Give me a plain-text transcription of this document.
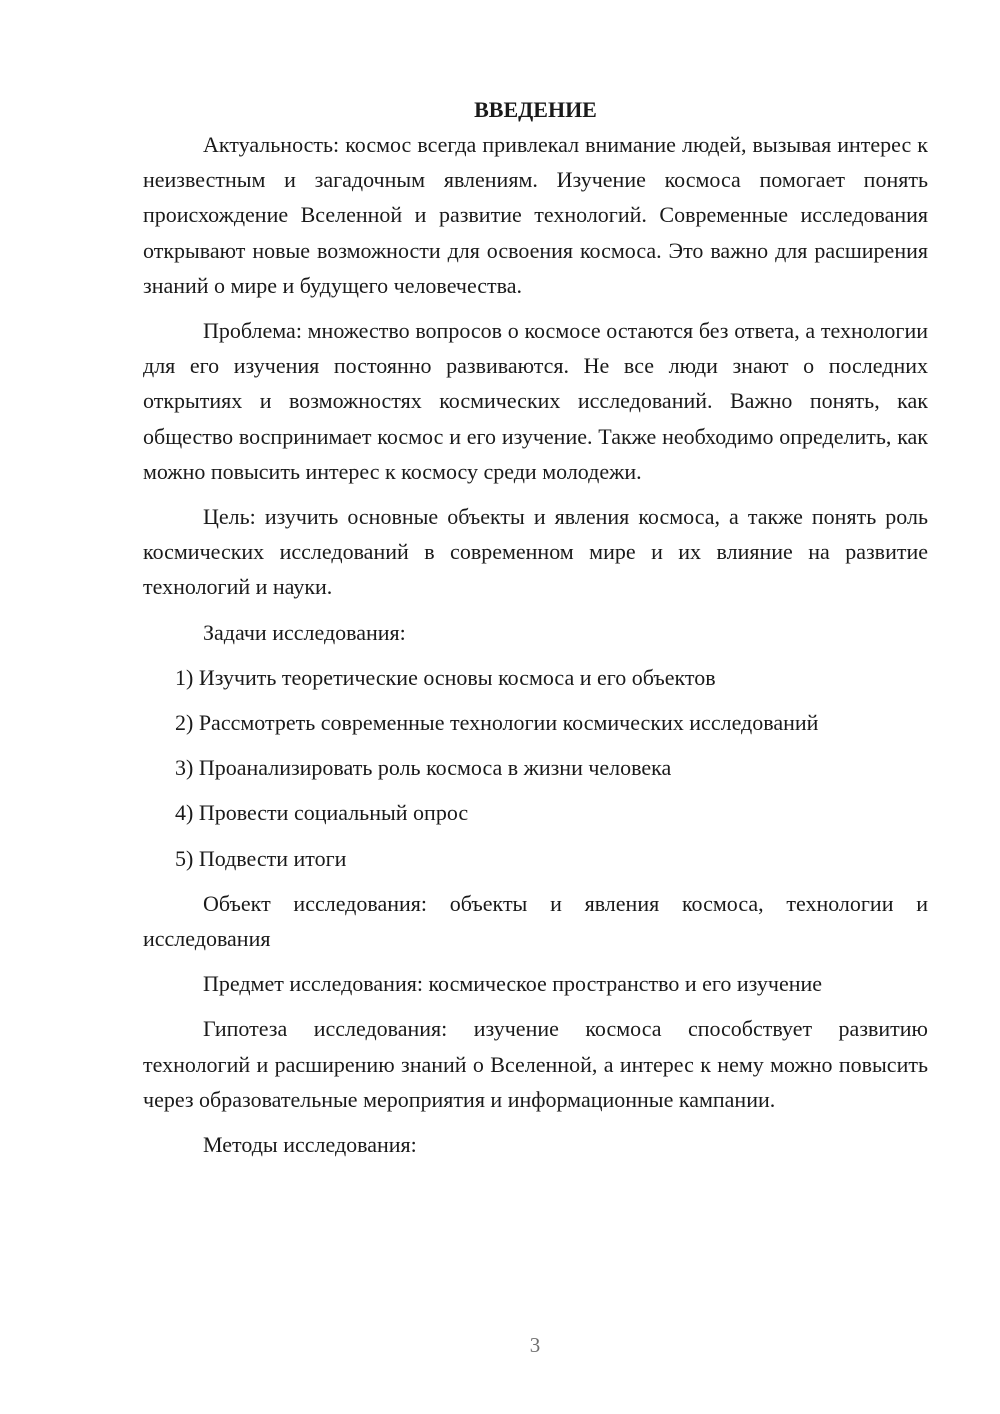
ВВЕДЕНИЕ

Актуальность: космос всегда привлекал внимание людей, вызывая интерес к неизвестным и загадочным явлениям. Изучение космоса помогает понять происхождение Вселенной и развитие технологий. Современные исследования открывают новые возможности для освоения космоса. Это важно для расширения знаний о мире и будущего человечества.

Проблема: множество вопросов о космосе остаются без ответа, а технологии для его изучения постоянно развиваются. Не все люди знают о последних открытиях и возможностях космических исследований. Важно понять, как общество воспринимает космос и его изучение. Также необходимо определить, как можно повысить интерес к космосу среди молодежи.

Цель: изучить основные объекты и явления космоса, а также понять роль космических исследований в современном мире и их влияние на развитие технологий и науки.

Задачи исследования:

1) Изучить теоретические основы космоса и его объектов
2) Рассмотреть современные технологии космических исследований
3) Проанализировать роль космоса в жизни человека
4) Провести социальный опрос
5) Подвести итоги

Объект исследования: объекты и явления космоса, технологии и исследования

Предмет исследования: космическое пространство и его изучение

Гипотеза исследования: изучение космоса способствует развитию технологий и расширению знаний о Вселенной, а интерес к нему можно повысить через образовательные мероприятия и информационные кампании.

Методы исследования:

3
